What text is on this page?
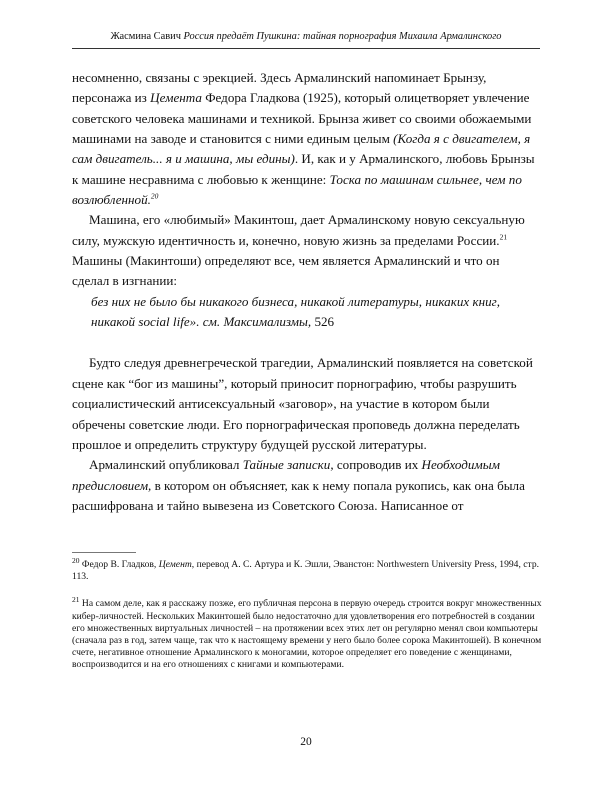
Жасмина Савич Россия предаёт Пушкина: тайная порнография Михаила Армалинского

несомненно, связаны с эрекцией. Здесь Армалинский напоминает Брынзу, персонажа из Цемента Федора Гладкова (1925), который олицетворяет увлечение советского человека машинами и техникой. Брынза живет со своими обожаемыми машинами на заводе и становится с ними единым целым (Когда я с двигателем, я сам двигатель... я и машина, мы едины). И, как и у Армалинского, любовь Брынзы к машине несравнима с любовью к женщине: Тоска по машинам сильнее, чем по возлюбленной.$^{20}$

Машина, его «любимый» Макинтош, дает Армалинскому новую сексуальную силу, мужскую идентичность и, конечно, новую жизнь за пределами России.$^{21}$ Машины (Макинтоши) определяют все, чем является Армалинский и что он сделал в изгнании:

без них не было бы никакого бизнеса, никакой литературы, никаких книг, никакой social life». см. Максимализмы, 526

Будто следуя древнегреческой трагедии, Армалинский появляется на советской сцене как “бог из машины”, который приносит порнографию, чтобы разрушить социалистический антисексуальный «заговор», на участие в котором были обречены советские люди. Его порнографическая проповедь должна переделать прошлое и определить структуру будущей русской литературы.

Армалинский опубликовал Тайные записки, сопроводив их Необходимым предисловием, в котором он объясняет, как к нему попала рукопись, как она была расшифрована и тайно вывезена из Советского Союза. Написанное от

$^{20}$ Федор В. Гладков, Цемент, перевод А. С. Артура и К. Эшли, Эванстон: Northwestern University Press, 1994, стр. 113.

$^{21}$ На самом деле, как я расскажу позже, его публичная персона в первую очередь строится вокруг множественных кибер-личностей. Нескольких Макинтошей было недостаточно для удовлетворения его потребностей в создании его множественных виртуальных личностей – на протяжении всех этих лет он регулярно менял свои компьютеры (сначала раз в год, затем чаще, так что к настоящему времени у него было более сорока Макинтошей). В конечном счете, негативное отношение Армалинского к моногамии, которое определяет его поведение с женщинами, воспроизводится и на его отношениях с книгами и компьютерами.

20
